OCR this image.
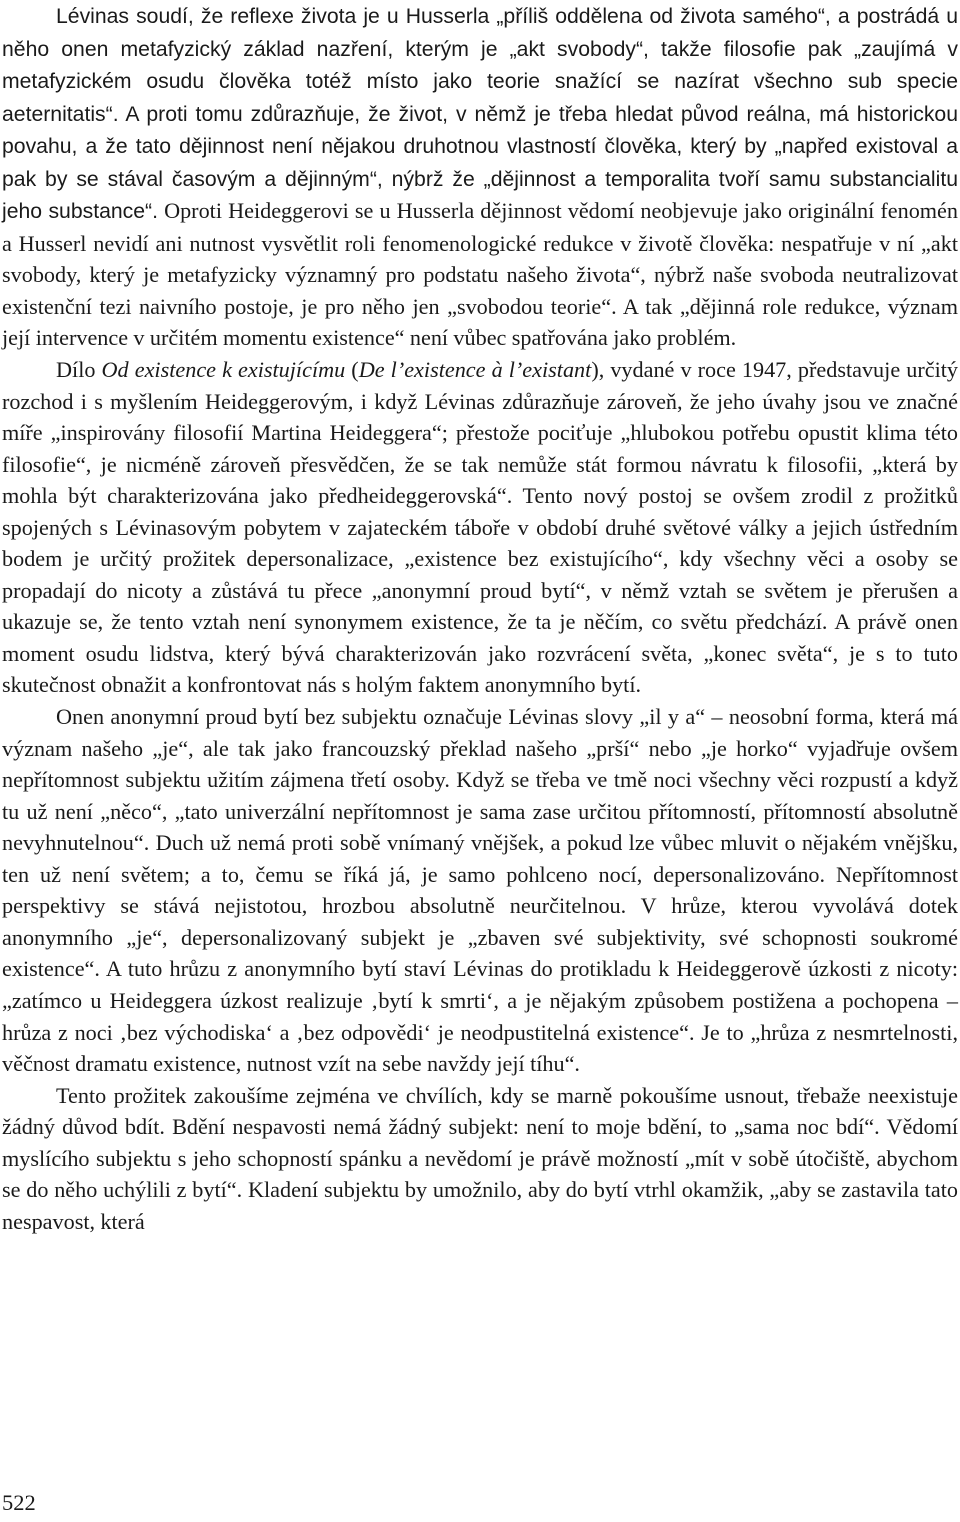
Lévinas soudí, že reflexe života je u Husserla „příliš oddělena od života samého“, a postrádá u něho onen metafyzický základ nazření, kterým je „akt svobody“, takže filosofie pak „zaujímá v metafyzickém osudu člověka totéž místo jako teorie snažící se nazírat všechno sub specie aeternitatis“. A proti tomu zdůrazňuje, že život, v němž je třeba hledat původ reálna, má historickou povahu, a že tato dějinnost není nějakou druhotnou vlastností člověka, který by „napřed existoval a pak by se stával časovým a dějinným“, nýbrž že „dějinnost a temporalita tvoří samu substancialitu jeho substance“. Oproti Heideggerovi se u Husserla dějinnost vědomí neobjevuje jako originální fenomén a Husserl nevidí ani nutnost vysvětlit roli fenomenologické redukce v životě člověka: nespatřuje v ní „akt svobody, který je metafyzicky významný pro podstatu našeho života“, nýbrž naše svoboda neutralizovat existenční tezi naivního postoje, je pro něho jen „svobodou teorie“. A tak „dějinná role redukce, význam její intervence v určitém momentu existence“ není vůbec spatřována jako problém.

Dílo Od existence k existujícímu (De l’existence à l’existant), vydané v roce 1947, představuje určitý rozchod i s myšlením Heideggerovým, i když Lévinas zdůrazňuje zároveň, že jeho úvahy jsou ve značné míře „inspirovány filosofií Martina Heideggera“; přestože pociťuje „hlubokou potřebu opustit klima této filosofie“, je nicméně zároveň přesvědčen, že se tak nemůže stát formou návratu k filosofii, „která by mohla být charakterizována jako předheideggerovská“. Tento nový postoj se ovšem zrodil z prožitků spojených s Lévinasovým pobytem v zajateckém táboře v období druhé světové války a jejich ústředním bodem je určitý prožitek depersonalizace, „existence bez existujícího“, kdy všechny věci a osoby se propadají do nicoty a zůstává tu přece „anonymní proud bytí“, v němž vztah se světem je přerušen a ukazuje se, že tento vztah není synonymem existence, že ta je něčím, co světu předchází. A právě onen moment osudu lidstva, který bývá charakterizován jako rozvrácení světa, „konec světa“, je s to tuto skutečnost obnažit a konfrontovat nás s holým faktem anonymního bytí.

Onen anonymní proud bytí bez subjektu označuje Lévinas slovy „il y a“ – neosobní forma, která má význam našeho „je“, ale tak jako francouzský překlad našeho „prší“ nebo „je horko“ vyjadřuje ovšem nepřítomnost subjektu užitím zájmena třetí osoby. Když se třeba ve tmě noci všechny věci rozpustí a když tu už není „něco“, „tato univerzální nepřítomnost je sama zase určitou přítomností, přítomností absolutně nevyhnutelnou“. Duch už nemá proti sobě vnímaný vnějšek, a pokud lze vůbec mluvit o nějakém vnějšku, ten už není světem; a to, čemu se říká já, je samo pohlceno nocí, depersonalizováno. Nepřítomnost perspektivy se stává nejistotou, hrozbou absolutně neurčitelnou. V hrůze, kterou vyvolává dotek anonymního „je“, depersonalizovaný subjekt je „zbaven své subjektivity, své schopnosti soukromé existence“. A tuto hrůzu z anonymního bytí staví Lévinas do protikladu k Heideggerově úzkosti z nicoty: „zatímco u Heideggera úzkost realizuje ‚bytí k smrti‘, a je nějakým způsobem postižena a pochopena – hrůza z noci ‚bez východiska‘ a ‚bez odpovědi‘ je neodpustitelná existence“. Je to „hrůza z nesmrtelnosti, věčnost dramatu existence, nutnost vzít na sebe navždy její tíhu“.

Tento prožitek zakoušíme zejména ve chvílích, kdy se marně pokoušíme usnout, třebaže neexistuje žádný důvod bdít. Bdění nespavosti nemá žádný subjekt: není to moje bdění, to „sama noc bdí“. Vědomí myslícího subjektu s jeho schopností spánku a nevědomí je právě možností „mít v sobě útočiště, abychom se do něho uchýlili z bytí“. Kladení subjektu by umožnilo, aby do bytí vtrhl okamžik, „aby se zastavila tato nespavost, která

522
